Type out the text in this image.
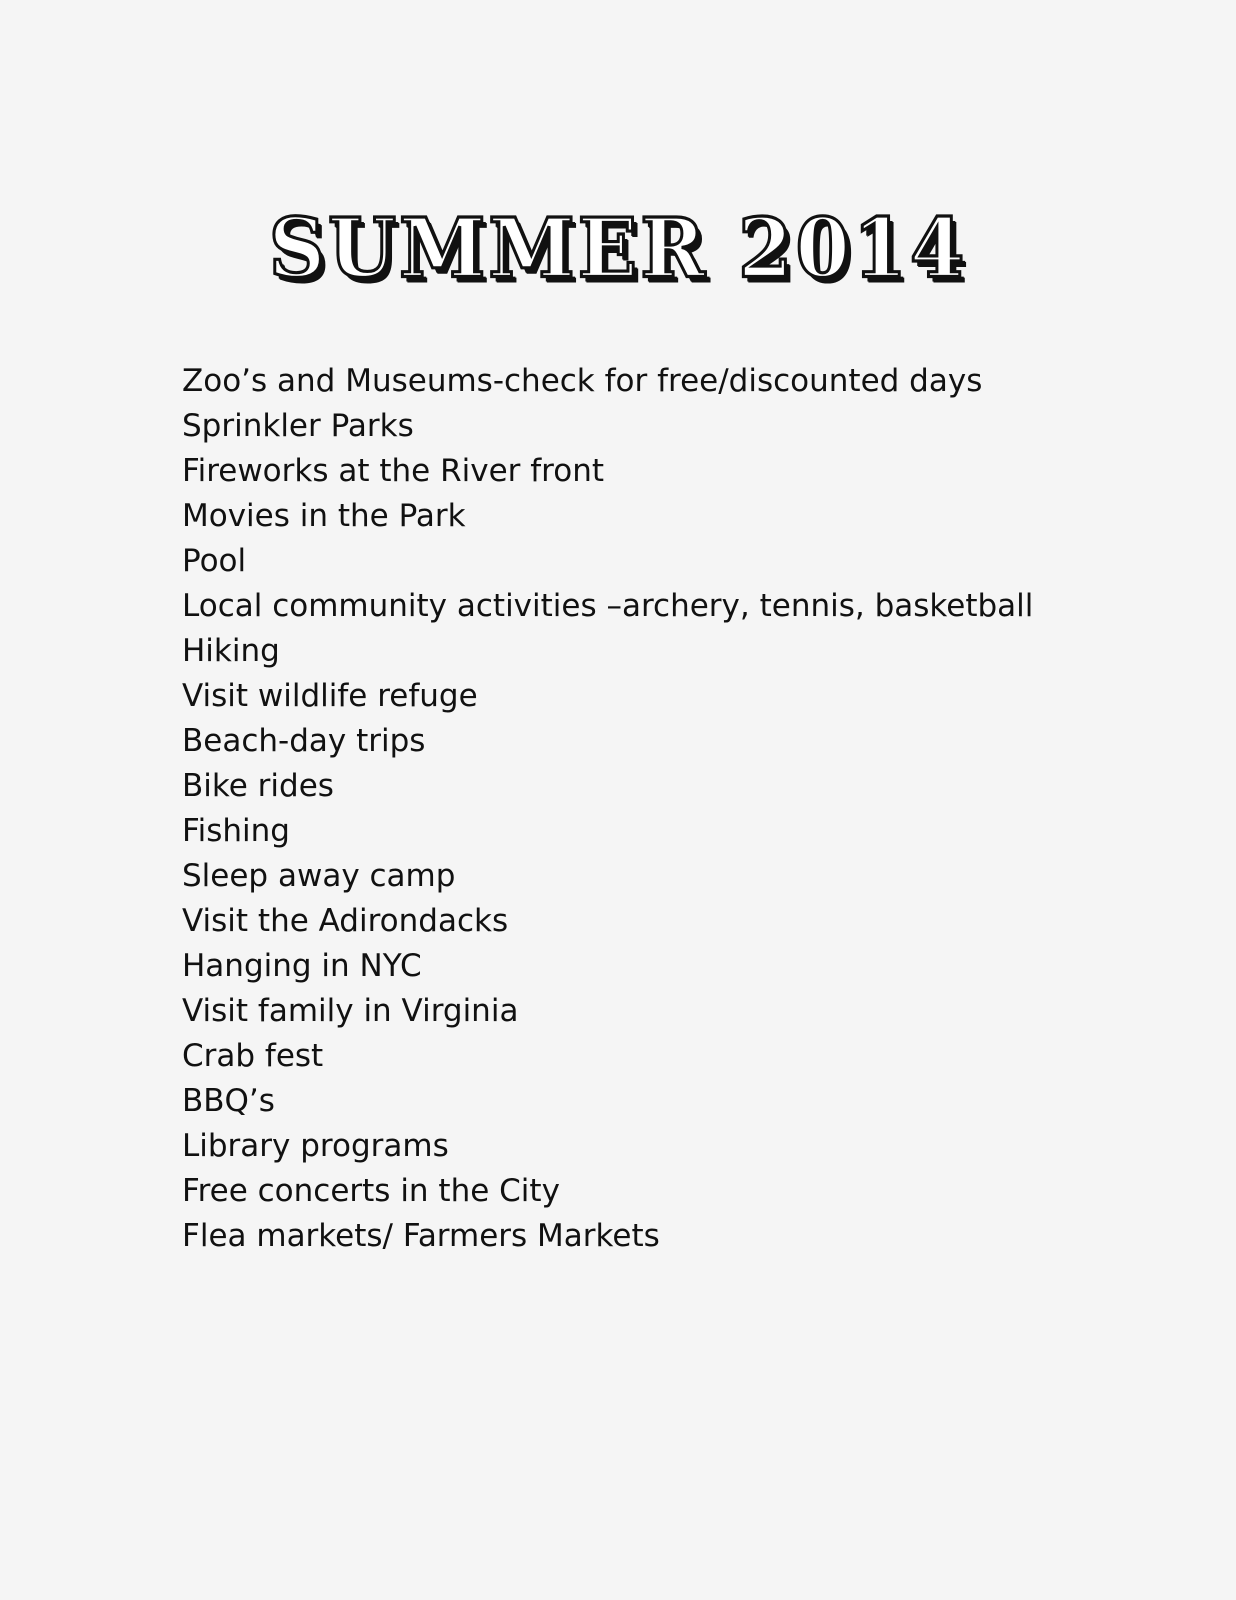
SUMMER 2014
Zoo’s and Museums-check for free/discounted days
Sprinkler Parks
Fireworks at the River front
Movies in the Park
Pool
Local community activities –archery, tennis, basketball
Hiking
Visit wildlife refuge
Beach-day trips
Bike rides
Fishing
Sleep away camp
Visit the Adirondacks
Hanging in NYC
Visit family in Virginia
Crab fest
BBQ’s
Library programs
Free concerts in the City
Flea markets/ Farmers Markets
